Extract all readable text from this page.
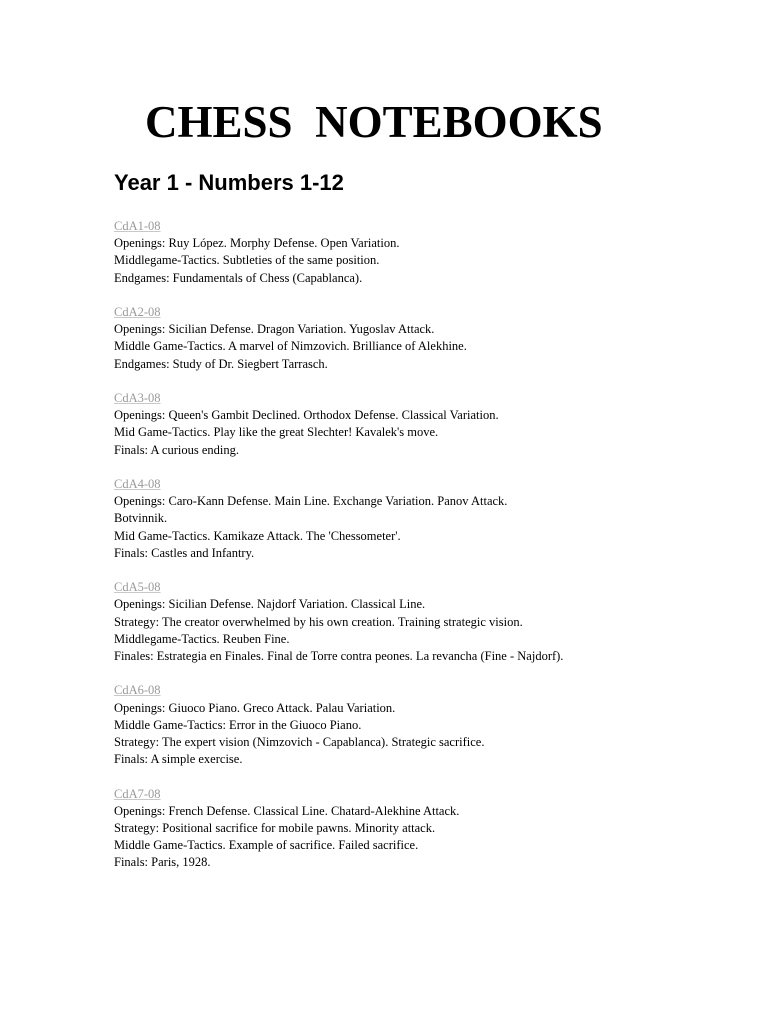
CHESS  NOTEBOOKS
Year 1 - Numbers 1-12
CdA1-08
Openings: Ruy López. Morphy Defense. Open Variation.
Middlegame-Tactics. Subtleties of the same position.
Endgames: Fundamentals of Chess (Capablanca).
CdA2-08
Openings: Sicilian Defense. Dragon Variation. Yugoslav Attack.
Middle Game-Tactics. A marvel of Nimzovich. Brilliance of Alekhine.
Endgames: Study of Dr. Siegbert Tarrasch.
CdA3-08
Openings: Queen's Gambit Declined. Orthodox Defense. Classical Variation.
Mid Game-Tactics. Play like the great Slechter! Kavalek's move.
Finals: A curious ending.
CdA4-08
Openings: Caro-Kann Defense. Main Line. Exchange Variation. Panov Attack.
Botvinnik.
Mid Game-Tactics. Kamikaze Attack. The 'Chessometer'.
Finals: Castles and Infantry.
CdA5-08
Openings: Sicilian Defense. Najdorf Variation. Classical Line.
Strategy: The creator overwhelmed by his own creation. Training strategic vision.
Middlegame-Tactics. Reuben Fine.
Finales: Estrategia en Finales. Final de Torre contra peones. La revancha (Fine - Najdorf).
CdA6-08
Openings: Giuoco Piano. Greco Attack. Palau Variation.
Middle Game-Tactics: Error in the Giuoco Piano.
Strategy: The expert vision (Nimzovich - Capablanca). Strategic sacrifice.
Finals: A simple exercise.
CdA7-08
Openings: French Defense. Classical Line. Chatard-Alekhine Attack.
Strategy: Positional sacrifice for mobile pawns. Minority attack.
Middle Game-Tactics. Example of sacrifice. Failed sacrifice.
Finals: Paris, 1928.
